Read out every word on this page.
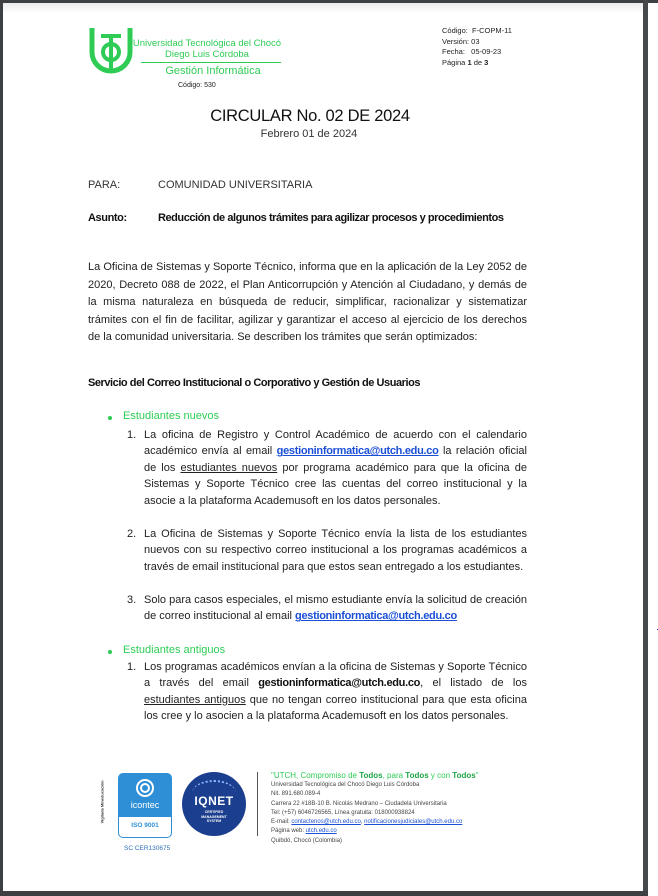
Universidad Tecnológica del Chocó
Diego Luis Córdoba
Gestión Informática
Código: 530
Código:  F-COPM-11
Versión: 03
Fecha:   05-09-23
Página 1 de 3
CIRCULAR No. 02 DE 2024
Febrero 01 de 2024
PARA:	COMUNIDAD UNIVERSITARIA
Asunto:	Reducción de algunos trámites para agilizar procesos y procedimientos
La Oficina de Sistemas y Soporte Técnico, informa que en la aplicación de la Ley 2052 de 2020, Decreto 088 de 2022, el Plan Anticorrupción y Atención al Ciudadano, y demás de la misma naturaleza en búsqueda de reducir, simplificar, racionalizar y sistematizar trámites con el fin de facilitar, agilizar y garantizar el acceso al ejercicio de los derechos de la comunidad universitaria. Se describen los trámites que serán optimizados:
Servicio del Correo Institucional o Corporativo y Gestión de Usuarios
Estudiantes nuevos
1. La oficina de Registro y Control Académico de acuerdo con el calendario académico envía al email gestioninformatica@utch.edu.co la relación oficial de los estudiantes nuevos por programa académico para que la oficina de Sistemas y Soporte Técnico cree las cuentas del correo institucional y la asocie a la plataforma Academusoft en los datos personales.
2. La Oficina de Sistemas y Soporte Técnico envía la lista de los estudiantes nuevos con su respectivo correo institucional a los programas académicos a través de email institucional para que estos sean entregado a los estudiantes.
3. Solo para casos especiales, el mismo estudiante envía la solicitud de creación de correo institucional al email gestioninformatica@utch.edu.co
Estudiantes antiguos
1. Los programas académicos envían a la oficina de Sistemas y Soporte Técnico a través del email gestioninformatica@utch.edu.co, el listado de los estudiantes antiguos que no tengan correo institucional para que esta oficina los cree y lo asocien a la plataforma Academusoft en los datos personales.
Vigilada Mineducación	icontec
ISO 9001
SC CER130675
IQNET
CERTIFIED
MANAGEMENT
SYSTEM
"UTCH, Compromiso de Todos, para Todos y con Todos"
Universidad Tecnológica del Chocó Diego Luis Córdoba
Nit. 891.680.089-4
Carrera 22 #18B-10 B. Nicolás Medrano – Ciudadela Universitaria
Tel: (+57) 6046726565, Línea gratuita: 018000938824
E-mail: contactenos@utch.edu.co, notificacionesjudiciales@utch.edu.co
Página web: utch.edu.co
Quibdó, Chocó (Colombia)
